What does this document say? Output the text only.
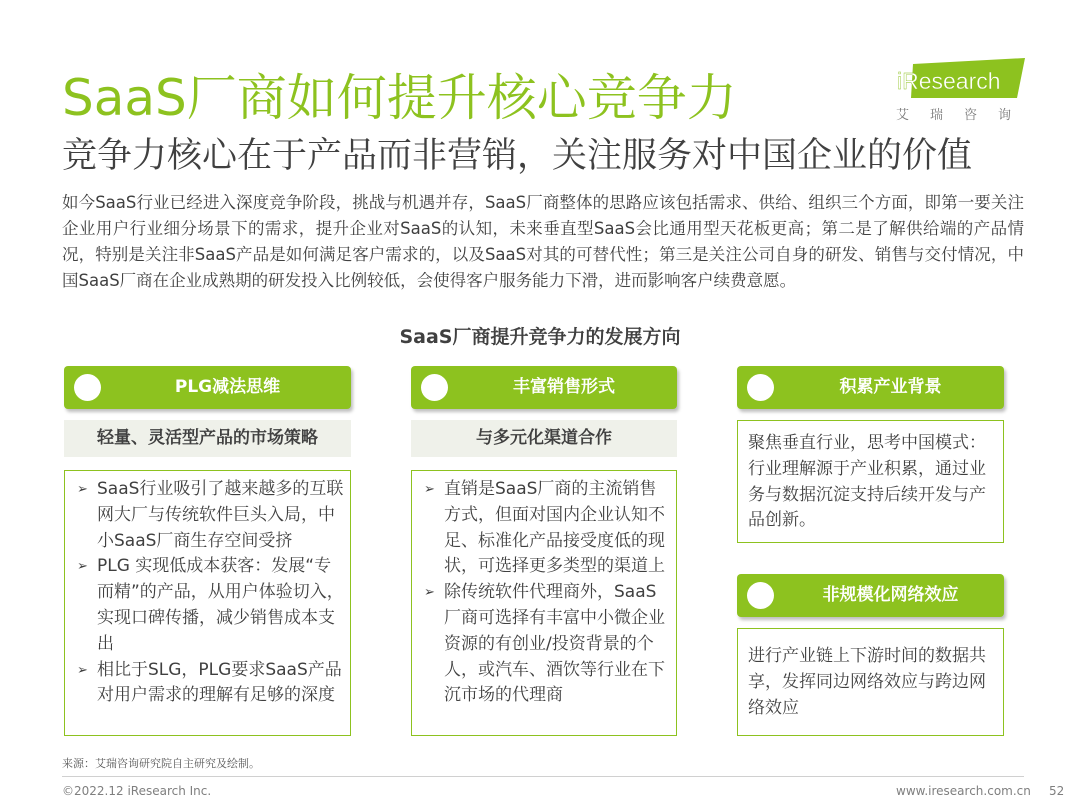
SaaS厂商如何提升核心竞争力
竞争力核心在于产品而非营销，关注服务对中国企业的价值
iResearch
艾瑞咨询
如今SaaS行业已经进入深度竞争阶段，挑战与机遇并存，SaaS厂商整体的思路应该包括需求、供给、组织三个方面，即第一要关注企业用户行业细分场景下的需求，提升企业对SaaS的认知，未来垂直型SaaS会比通用型天花板更高；第二是了解供给端的产品情况，特别是关注非SaaS产品是如何满足客户需求的，以及SaaS对其的可替代性；第三是关注公司自身的研发、销售与交付情况，中国SaaS厂商在企业成熟期的研发投入比例较低，会使得客户服务能力下滑，进而影响客户续费意愿。
SaaS厂商提升竞争力的发展方向
PLG减法思维
轻量、灵活型产品的市场策略
➢ SaaS行业吸引了越来越多的互联网大厂与传统软件巨头入局，中小SaaS厂商生存空间受挤
➢ PLG 实现低成本获客：发展“专而精”的产品，从用户体验切入，实现口碑传播，减少销售成本支出
➢ 相比于SLG，PLG要求SaaS产品对用户需求的理解有足够的深度
丰富销售形式
与多元化渠道合作
➢ 直销是SaaS厂商的主流销售方式，但面对国内企业认知不足、标准化产品接受度低的现状，可选择更多类型的渠道上
➢ 除传统软件代理商外，SaaS厂商可选择有丰富中小微企业资源的有创业/投资背景的个人，或汽车、酒饮等行业在下沉市场的代理商
积累产业背景
聚焦垂直行业，思考中国模式：行业理解源于产业积累，通过业务与数据沉淀支持后续开发与产品创新。
非规模化网络效应
进行产业链上下游时间的数据共享，发挥同边网络效应与跨边网络效应
来源：艾瑞咨询研究院自主研究及绘制。
©2022.12 iResearch Inc.	www.iresearch.com.cn 52
